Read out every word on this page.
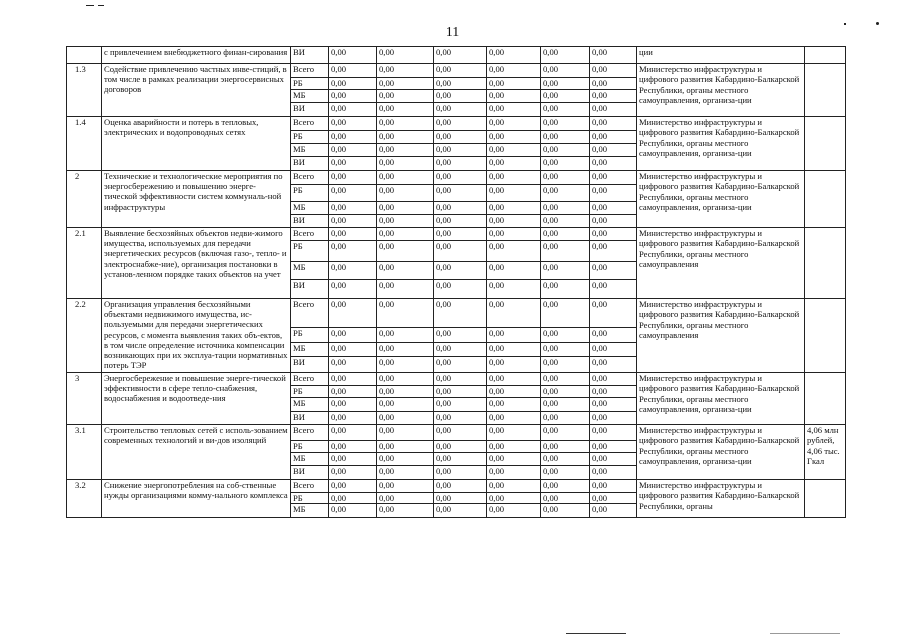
11
	с привлечением внебюджетного финан-сирования	ВИ	0,00	0,00	0,00	0,00	0,00	0,00	ции	
1.3	Содействие привлечению частных инве-стиций, в том числе в рамках реализации энергосервисных договоров	Всего	0,00	0,00	0,00	0,00	0,00	0,00	Министерство инфраструктуры и цифрового развития Кабардино-Балкарской Республики, органы местного самоуправления, организа-ции	
		РБ	0,00	0,00	0,00	0,00	0,00	0,00		
		МБ	0,00	0,00	0,00	0,00	0,00	0,00		
		ВИ	0,00	0,00	0,00	0,00	0,00	0,00		
1.4	Оценка аварийности и потерь в тепловых, электрических и водопроводных сетях	Всего	0,00	0,00	0,00	0,00	0,00	0,00	Министерство инфраструктуры и цифрового развития Кабардино-Балкарской Республики, органы местного самоуправления, организа-ции	
		РБ	0,00	0,00	0,00	0,00	0,00	0,00		
		МБ	0,00	0,00	0,00	0,00	0,00	0,00		
		ВИ	0,00	0,00	0,00	0,00	0,00	0,00		
2	Технические и технологические мероприятия по энергосбережению и повышению энерге-тической эффективности систем коммуналь-ной инфраструктуры	Всего	0,00	0,00	0,00	0,00	0,00	0,00	Министерство инфраструктуры и цифрового развития Кабардино-Балкарской Республики, органы местного самоуправления, организа-ции	
		РБ	0,00	0,00	0,00	0,00	0,00	0,00		
		МБ	0,00	0,00	0,00	0,00	0,00	0,00		
		ВИ	0,00	0,00	0,00	0,00	0,00	0,00		
2.1	Выявление бесхозяйных объектов недви-жимого имущества, используемых для передачи энергетических ресурсов (включая газо-, тепло- и электроснабже-ние), организация постановки в установ-ленном порядке таких объектов на учет	Всего	0,00	0,00	0,00	0,00	0,00	0,00	Министерство инфраструктуры и цифрового развития Кабардино-Балкарской Республики, органы местного самоуправления	
		РБ	0,00	0,00	0,00	0,00	0,00	0,00		
		МБ	0,00	0,00	0,00	0,00	0,00	0,00		
		ВИ	0,00	0,00	0,00	0,00	0,00	0,00		
2.2	Организация управления бесхозяйными объектами недвижимого имущества, ис-пользуемыми для передачи энергетических ресурсов, с момента выявления таких объ-ектов, в том числе определение источника компенсации возникающих при их эксплуа-тации нормативных потерь ТЭР	Всего	0,00	0,00	0,00	0,00	0,00	0,00	Министерство инфраструктуры и цифрового развития Кабардино-Балкарской Республики, органы местного самоуправления	
		РБ	0,00	0,00	0,00	0,00	0,00	0,00		
		МБ	0,00	0,00	0,00	0,00	0,00	0,00		
		ВИ	0,00	0,00	0,00	0,00	0,00	0,00		
3	Энергосбережение и повышение энерге-тической эффективности в сфере тепло-снабжения, водоснабжения и водоотведе-ния	Всего	0,00	0,00	0,00	0,00	0,00	0,00	Министерство инфраструктуры и цифрового развития Кабардино-Балкарской Республики, органы местного самоуправления, организа-ции	
		РБ	0,00	0,00	0,00	0,00	0,00	0,00		
		МБ	0,00	0,00	0,00	0,00	0,00	0,00		
		ВИ	0,00	0,00	0,00	0,00	0,00	0,00		
3.1	Строительство тепловых сетей с исполь-зованием современных технологий и ви-дов изоляций	Всего	0,00	0,00	0,00	0,00	0,00	0,00	Министерство инфраструктуры и цифрового развития Кабардино-Балкарской Республики, органы местного самоуправления, организа-ции	4,06 млн рублей, 4,06 тыс. Гкал
		РБ	0,00	0,00	0,00	0,00	0,00	0,00		
		МБ	0,00	0,00	0,00	0,00	0,00	0,00		
		ВИ	0,00	0,00	0,00	0,00	0,00	0,00		
3.2	Снижение энергопотребления на соб-ственные нужды организациями комму-нального комплекса	Всего	0,00	0,00	0,00	0,00	0,00	0,00	Министерство инфраструктуры и цифрового развития Кабардино-Балкарской Республики, органы	
		РБ	0,00	0,00	0,00	0,00	0,00	0,00		
		МБ	0,00	0,00	0,00	0,00	0,00	0,00		
